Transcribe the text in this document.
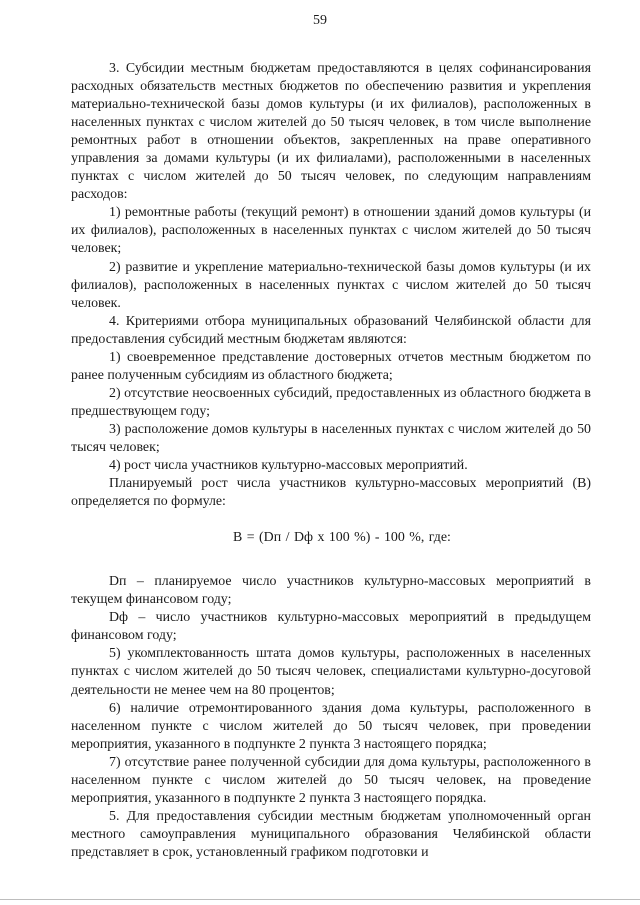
59

3. Субсидии местным бюджетам предоставляются в целях софинансирования расходных обязательств местных бюджетов по обеспечению развития и укрепления материально-технической базы домов культуры (и их филиалов), расположенных в населенных пунктах с числом жителей до 50 тысяч человек, в том числе выполнение ремонтных работ в отношении объектов, закрепленных на праве оперативного управления за домами культуры (и их филиалами), расположенными в населенных пунктах с числом жителей до 50 тысяч человек, по следующим направлениям расходов:

1) ремонтные работы (текущий ремонт) в отношении зданий домов культуры (и их филиалов), расположенных в населенных пунктах с числом жителей до 50 тысяч человек;

2) развитие и укрепление материально-технической базы домов культуры (и их филиалов), расположенных в населенных пунктах с числом жителей до 50 тысяч человек.

4. Критериями отбора муниципальных образований Челябинской области для предоставления субсидий местным бюджетам являются:

1) своевременное представление достоверных отчетов местным бюджетом по ранее полученным субсидиям из областного бюджета;

2) отсутствие неосвоенных субсидий, предоставленных из областного бюджета в предшествующем году;

3) расположение домов культуры в населенных пунктах с числом жителей до 50 тысяч человек;

4) рост числа участников культурно-массовых мероприятий.

Планируемый рост числа участников культурно-массовых мероприятий (В) определяется по формуле:

В = (Dп / Dф х 100 %) - 100 %, где:

Dп – планируемое число участников культурно-массовых мероприятий в текущем финансовом году;

Dф – число участников культурно-массовых мероприятий в предыдущем финансовом году;

5) укомплектованность штата домов культуры, расположенных в населенных пунктах с числом жителей до 50 тысяч человек, специалистами культурно-досуговой деятельности не менее чем на 80 процентов;

6) наличие отремонтированного здания дома культуры, расположенного в населенном пункте с числом жителей до 50 тысяч человек, при проведении мероприятия, указанного в подпункте 2 пункта 3 настоящего порядка;

7) отсутствие ранее полученной субсидии для дома культуры, расположенного в населенном пункте с числом жителей до 50 тысяч человек, на проведение мероприятия, указанного в подпункте 2 пункта 3 настоящего порядка.

5. Для предоставления субсидии местным бюджетам уполномоченный орган местного самоуправления муниципального образования Челябинской области представляет в срок, установленный графиком подготовки и
